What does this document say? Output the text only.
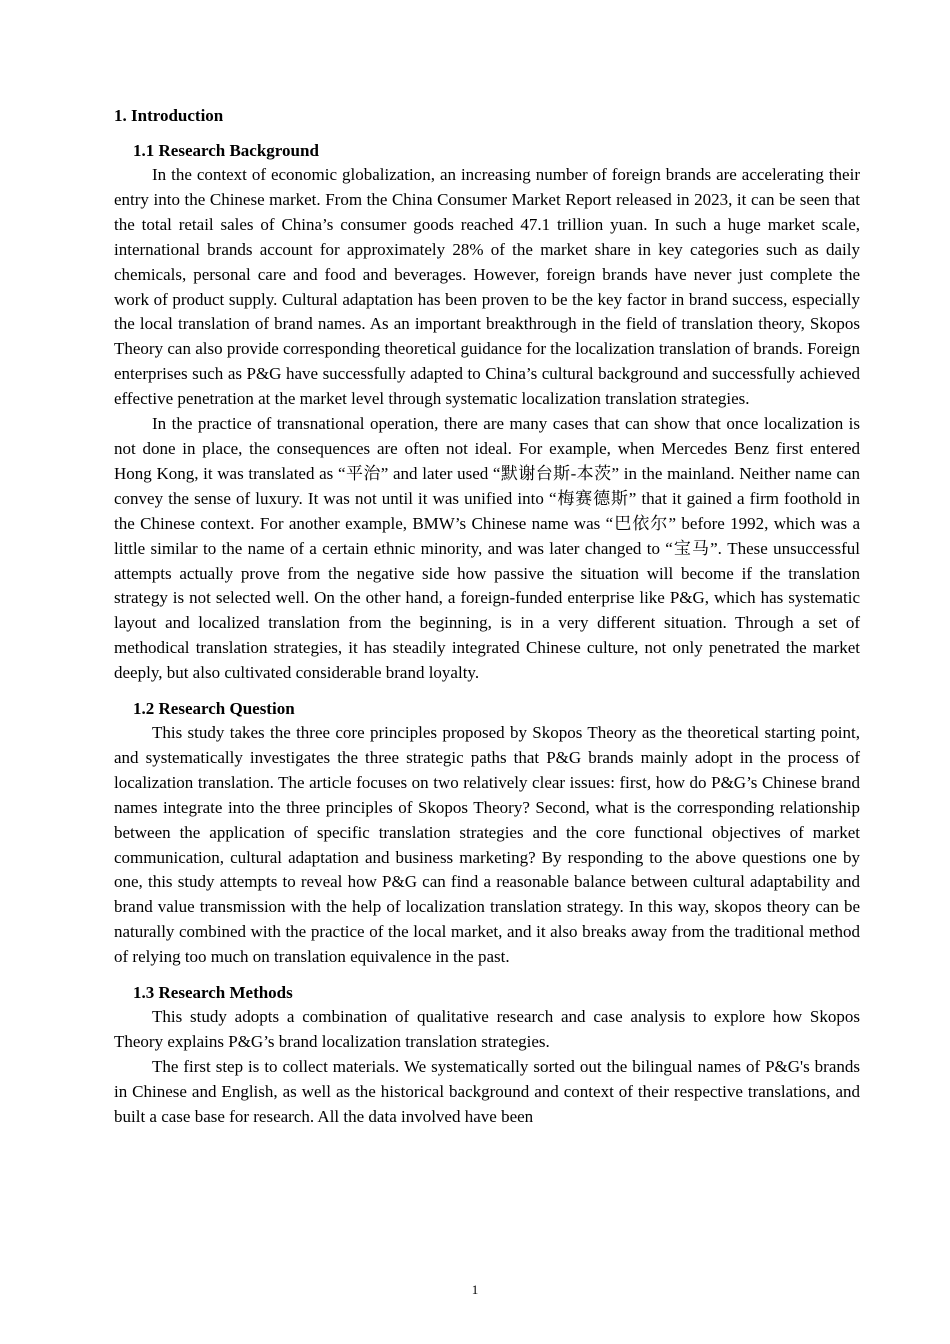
1. Introduction
1.1 Research Background

In the context of economic globalization, an increasing number of foreign brands are accelerating their entry into the Chinese market. From the China Consumer Market Report released in 2023, it can be seen that the total retail sales of China’s consumer goods reached 47.1 trillion yuan. In such a huge market scale, international brands account for approximately 28% of the market share in key categories such as daily chemicals, personal care and food and beverages. However, foreign brands have never just complete the work of product supply. Cultural adaptation has been proven to be the key factor in brand success, especially the local translation of brand names. As an important breakthrough in the field of translation theory, Skopos Theory can also provide corresponding theoretical guidance for the localization translation of brands. Foreign enterprises such as P&G have successfully adapted to China’s cultural background and successfully achieved effective penetration at the market level through systematic localization translation strategies.

In the practice of transnational operation, there are many cases that can show that once localization is not done in place, the consequences are often not ideal. For example, when Mercedes Benz first entered Hong Kong, it was translated as “平治” and later used “默谢台斯-本茨” in the mainland. Neither name can convey the sense of luxury. It was not until it was unified into “梅赛德斯” that it gained a firm foothold in the Chinese context. For another example, BMW’s Chinese name was “巴依尔” before 1992, which was a little similar to the name of a certain ethnic minority, and was later changed to “宝马”. These unsuccessful attempts actually prove from the negative side how passive the situation will become if the translation strategy is not selected well. On the other hand, a foreign-funded enterprise like P&G, which has systematic layout and localized translation from the beginning, is in a very different situation. Through a set of methodical translation strategies, it has steadily integrated Chinese culture, not only penetrated the market deeply, but also cultivated considerable brand loyalty.

1.2 Research Question

This study takes the three core principles proposed by Skopos Theory as the theoretical starting point, and systematically investigates the three strategic paths that P&G brands mainly adopt in the process of localization translation. The article focuses on two relatively clear issues: first, how do P&G’s Chinese brand names integrate into the three principles of Skopos Theory? Second, what is the corresponding relationship between the application of specific translation strategies and the core functional objectives of market communication, cultural adaptation and business marketing? By responding to the above questions one by one, this study attempts to reveal how P&G can find a reasonable balance between cultural adaptability and brand value transmission with the help of localization translation strategy. In this way, skopos theory can be naturally combined with the practice of the local market, and it also breaks away from the traditional method of relying too much on translation equivalence in the past.

1.3 Research Methods

This study adopts a combination of qualitative research and case analysis to explore how Skopos Theory explains P&G’s brand localization translation strategies.

The first step is to collect materials. We systematically sorted out the bilingual names of P&G's brands in Chinese and English, as well as the historical background and context of their respective translations, and built a case base for research. All the data involved have been

1
